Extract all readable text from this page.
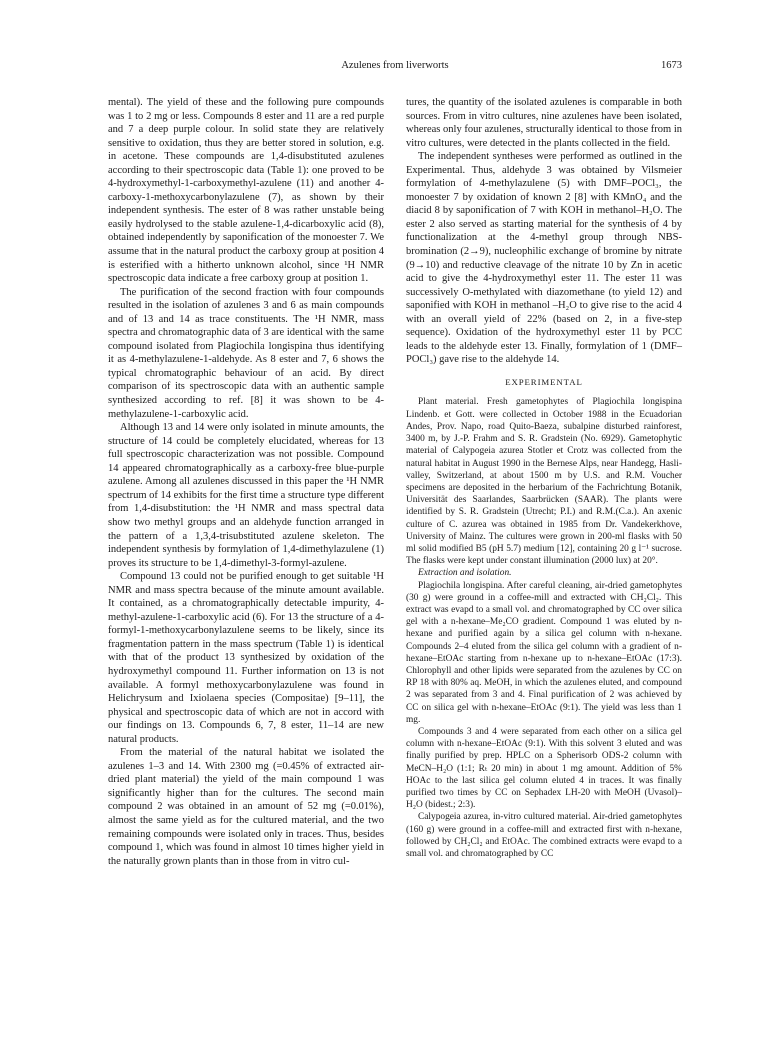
Azulenes from liverworts	1673

mental). The yield of these and the following pure compounds was 1 to 2 mg or less. Compounds 8 ester and 11 are a red purple and 7 a deep purple colour. In solid state they are relatively sensitive to oxidation, thus they are better stored in solution, e.g. in acetone. These compounds are 1,4-disubstituted azulenes according to their spectroscopic data (Table 1): one proved to be 4-hydroxymethyl-1-carboxymethyl-azulene (11) and another 4-carboxy-1-methoxycarbonylazulene (7), as shown by their independent synthesis. The ester of 8 was rather unstable being easily hydrolysed to the stable azulene-1,4-dicarboxylic acid (8), obtained independently by saponification of the monoester 7. We assume that in the natural product the carboxy group at position 4 is esterified with a hitherto unknown alcohol, since ¹H NMR spectroscopic data indicate a free carboxy group at position 1.

The purification of the second fraction with four compounds resulted in the isolation of azulenes 3 and 6 as main compounds and of 13 and 14 as trace constituents. The ¹H NMR, mass spectra and chromatographic data of 3 are identical with the same compound isolated from Plagiochila longispina thus identifying it as 4-methylazulene-1-aldehyde. As 8 ester and 7, 6 shows the typical chromatographic behaviour of an acid. By direct comparison of its spectroscopic data with an authentic sample synthesized according to ref. [8] it was shown to be 4-methylazulene-1-carboxylic acid.

Although 13 and 14 were only isolated in minute amounts, the structure of 14 could be completely elucidated, whereas for 13 full spectroscopic characterization was not possible. Compound 14 appeared chromatographically as a carboxy-free blue-purple azulene. Among all azulenes discussed in this paper the ¹H NMR spectrum of 14 exhibits for the first time a structure type different from 1,4-disubstitution: the ¹H NMR and mass spectral data show two methyl groups and an aldehyde function arranged in the pattern of a 1,3,4-trisubstituted azulene skeleton. The independent synthesis by formylation of 1,4-dimethylazulene (1) proves its structure to be 1,4-dimethyl-3-formyl-azulene.

Compound 13 could not be purified enough to get suitable ¹H NMR and mass spectra because of the minute amount available. It contained, as a chromatographically detectable impurity, 4-methyl-azulene-1-carboxylic acid (6). For 13 the structure of a 4-formyl-1-methoxycarbonylazulene seems to be likely, since its fragmentation pattern in the mass spectrum (Table 1) is identical with that of the product 13 synthesized by oxidation of the hydroxymethyl compound 11. Further information on 13 is not available. A formyl methoxycarbonylazulene was found in Helichrysum and Ixiolaena species (Compositae) [9–11], the physical and spectroscopic data of which are not in accord with our findings on 13. Compounds 6, 7, 8 ester, 11–14 are new natural products.

From the material of the natural habitat we isolated the azulenes 1–3 and 14. With 2300 mg (=0.45% of extracted air-dried plant material) the yield of the main compound 1 was significantly higher than for the cultures. The second main compound 2 was obtained in an amount of 52 mg (=0.01%), almost the same yield as for the cultured material, and the two remaining compounds were isolated only in traces. Thus, besides compound 1, which was found in almost 10 times higher yield in the naturally grown plants than in those from in vitro cul-

tures, the quantity of the isolated azulenes is comparable in both sources. From in vitro cultures, nine azulenes have been isolated, whereas only four azulenes, structurally identical to those from in vitro cultures, were detected in the plants collected in the field.

The independent syntheses were performed as outlined in the Experimental. Thus, aldehyde 3 was obtained by Vilsmeier formylation of 4-methylazulene (5) with DMF–POCl₃, the monoester 7 by oxidation of known 2 [8] with KMnO₄ and the diacid 8 by saponification of 7 with KOH in methanol–H₂O. The ester 2 also served as starting material for the synthesis of 4 by functionalization at the 4-methyl group through NBS-bromination (2→9), nucleophilic exchange of bromine by nitrate (9→10) and reductive cleavage of the nitrate 10 by Zn in acetic acid to give the 4-hydroxymethyl ester 11. The ester 11 was successively O-methylated with diazomethane (to yield 12) and saponified with KOH in methanol –H₂O to give rise to the acid 4 with an overall yield of 22% (based on 2, in a five-step sequence). Oxidation of the hydroxymethyl ester 11 by PCC leads to the aldehyde ester 13. Finally, formylation of 1 (DMF–POCl₃) gave rise to the aldehyde 14.

EXPERIMENTAL

Plant material. Fresh gametophytes of Plagiochila longispina Lindenb. et Gott. were collected in October 1988 in the Ecuadorian Andes, Prov. Napo, road Quito-Baeza, subalpine disturbed rainforest, 3400 m, by J.-P. Frahm and S. R. Gradstein (No. 6929). Gametophytic material of Calypogeia azurea Stotler et Crotz was collected from the natural habitat in August 1990 in the Bernese Alps, near Handegg, Hasli-valley, Switzerland, at about 1500 m by U.S. and R.M. Voucher specimens are deposited in the herbarium of the Fachrichtung Botanik, Universität des Saarlandes, Saarbrücken (SAAR). The plants were identified by S. R. Gradstein (Utrecht; P.I.) and R.M.(C.a.). An axenic culture of C. azurea was obtained in 1985 from Dr. Vandekerkhove, University of Mainz. The cultures were grown in 200-ml flasks with 50 ml solid modified B5 (pH 5.7) medium [12], containing 20 g l⁻¹ sucrose. The flasks were kept under constant illumination (2000 lux) at 20°.

Extraction and isolation.

Plagiochila longispina. After careful cleaning, air-dried gametophytes (30 g) were ground in a coffee-mill and extracted with CH₂Cl₂. This extract was evapd to a small vol. and chromatographed by CC over silica gel with a n-hexane–Me₂CO gradient. Compound 1 was eluted by n-hexane and purified again by a silica gel column with n-hexane. Compounds 2–4 eluted from the silica gel column with a gradient of n-hexane–EtOAc starting from n-hexane up to n-hexane–EtOAc (17:3). Chlorophyll and other lipids were separated from the azulenes by CC on RP 18 with 80% aq. MeOH, in which the azulenes eluted, and compound 2 was separated from 3 and 4. Final purification of 2 was achieved by CC on silica gel with n-hexane–EtOAc (9:1). The yield was less than 1 mg.

Compounds 3 and 4 were separated from each other on a silica gel column with n-hexane–EtOAc (9:1). With this solvent 3 eluted and was finally purified by prep. HPLC on a Spherisorb ODS-2 column with MeCN–H₂O (1:1; Rₜ 20 min) in about 1 mg amount. Addition of 5% HOAc to the last silica gel column eluted 4 in traces. It was finally purified two times by CC on Sephadex LH-20 with MeOH (Uvasol)–H₂O (bidest.; 2:3).

Calypogeia azurea, in-vitro cultured material. Air-dried gametophytes (160 g) were ground in a coffee-mill and extracted first with n-hexane, followed by CH₂Cl₂ and EtOAc. The combined extracts were evapd to a small vol. and chromatographed by CC
